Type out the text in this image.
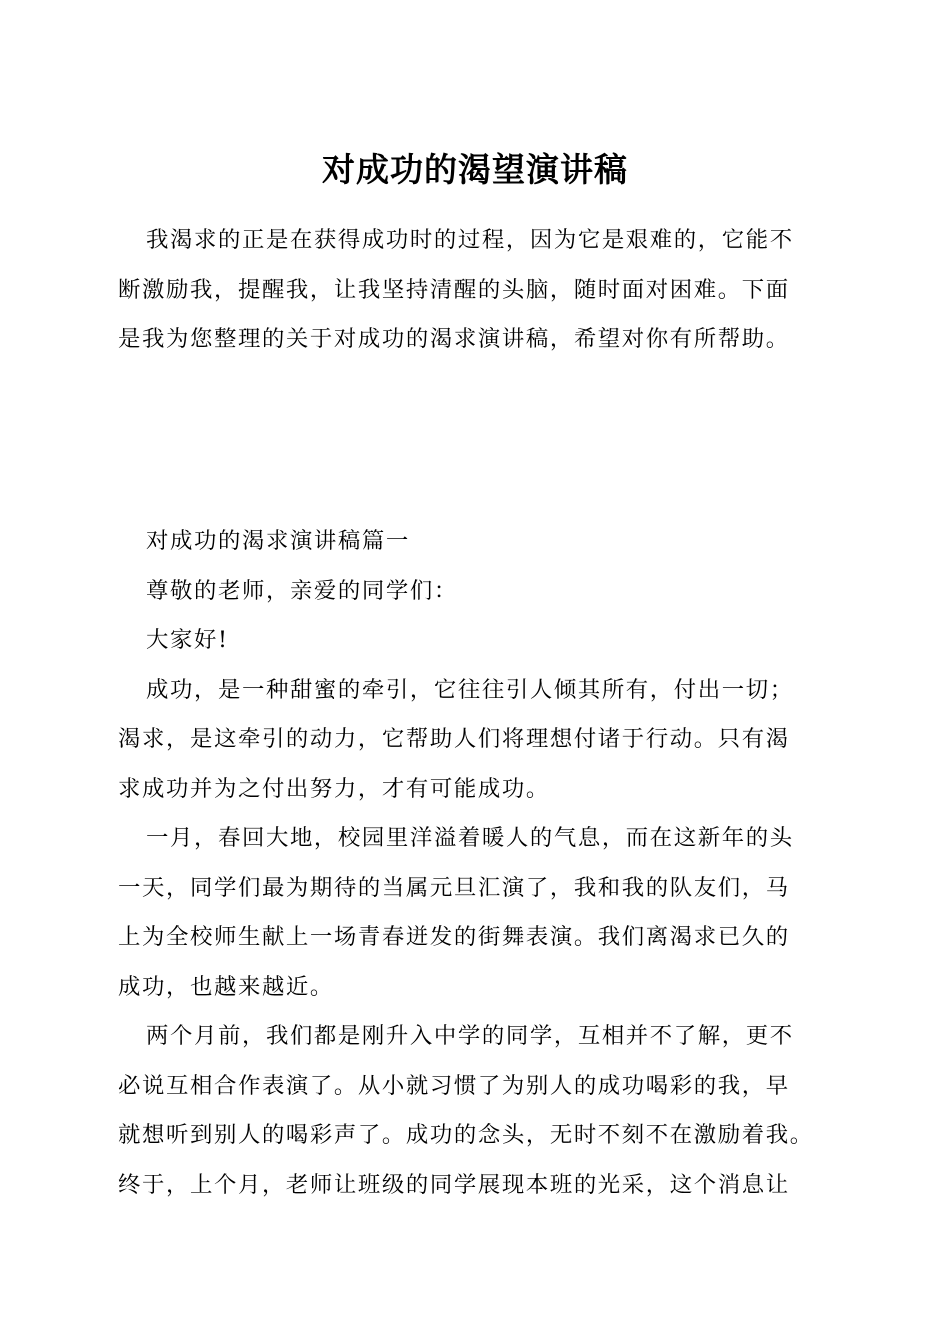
对成功的渴望演讲稿
我渴求的正是在获得成功时的过程，因为它是艰难的，它能不
断激励我，提醒我，让我坚持清醒的头脑，随时面对困难。下面
是我为您整理的关于对成功的渴求演讲稿，希望对你有所帮助。
对成功的渴求演讲稿篇一
尊敬的老师，亲爱的同学们：
大家好!
成功，是一种甜蜜的牵引，它往往引人倾其所有，付出一切；
渴求，是这牵引的动力，它帮助人们将理想付诸于行动。只有渴
求成功并为之付出努力，才有可能成功。
一月，春回大地，校园里洋溢着暖人的气息，而在这新年的头
一天，同学们最为期待的当属元旦汇演了，我和我的队友们，马
上为全校师生献上一场青春迸发的街舞表演。我们离渴求已久的
成功，也越来越近。
两个月前，我们都是刚升入中学的同学，互相并不了解，更不
必说互相合作表演了。从小就习惯了为别人的成功喝彩的我，早
就想听到别人的喝彩声了。成功的念头，无时不刻不在激励着我。
终于，上个月，老师让班级的同学展现本班的光采，这个消息让
